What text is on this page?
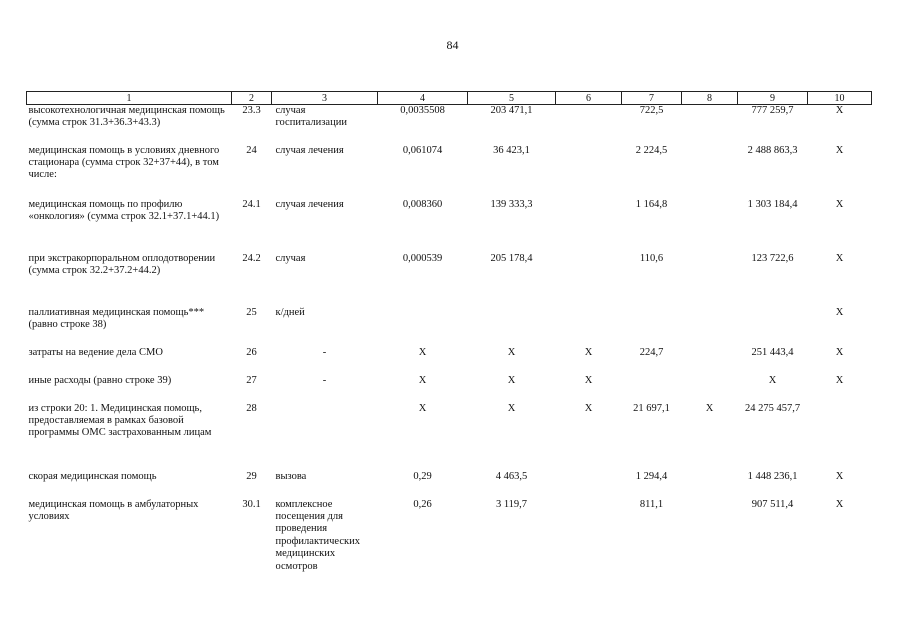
84
1	2	3	4	5	6	7	8	9	10
высокотехнологичная медицинская помощь (сумма строк 31.3+36.3+43.3)	23.3	случая госпитализации	0,0035508	203 471,1		722,5		777 259,7	X
медицинская помощь в условиях дневного стационара (сумма строк 32+37+44), в том числе:	24	случая лечения	0,061074	36 423,1		2 224,5		2 488 863,3	X
медицинская помощь по профилю «онкология» (сумма строк 32.1+37.1+44.1)	24.1	случая лечения	0,008360	139 333,3		1 164,8		1 303 184,4	X
при экстракорпоральном оплодотворении (сумма строк 32.2+37.2+44.2)	24.2	случая	0,000539	205 178,4		110,6		123 722,6	X
паллиативная медицинская помощь*** (равно строке 38)	25	к/дней							X
затраты на ведение дела СМО	26	-	X	X	X	224,7		251 443,4	X
иные расходы (равно строке 39)	27	-	X	X	X			X	X
из строки 20: 1. Медицинская помощь, предоставляемая в рамках базовой программы ОМС застрахованным лицам	28		X	X	X	21 697,1	X	24 275 457,7	
скорая медицинская помощь	29	вызова	0,29	4 463,5		1 294,4		1 448 236,1	X
медицинская помощь в амбулаторных условиях	30.1	комплексное посещения для проведения профилактических медицинских осмотров	0,26	3 119,7		811,1		907 511,4	X
